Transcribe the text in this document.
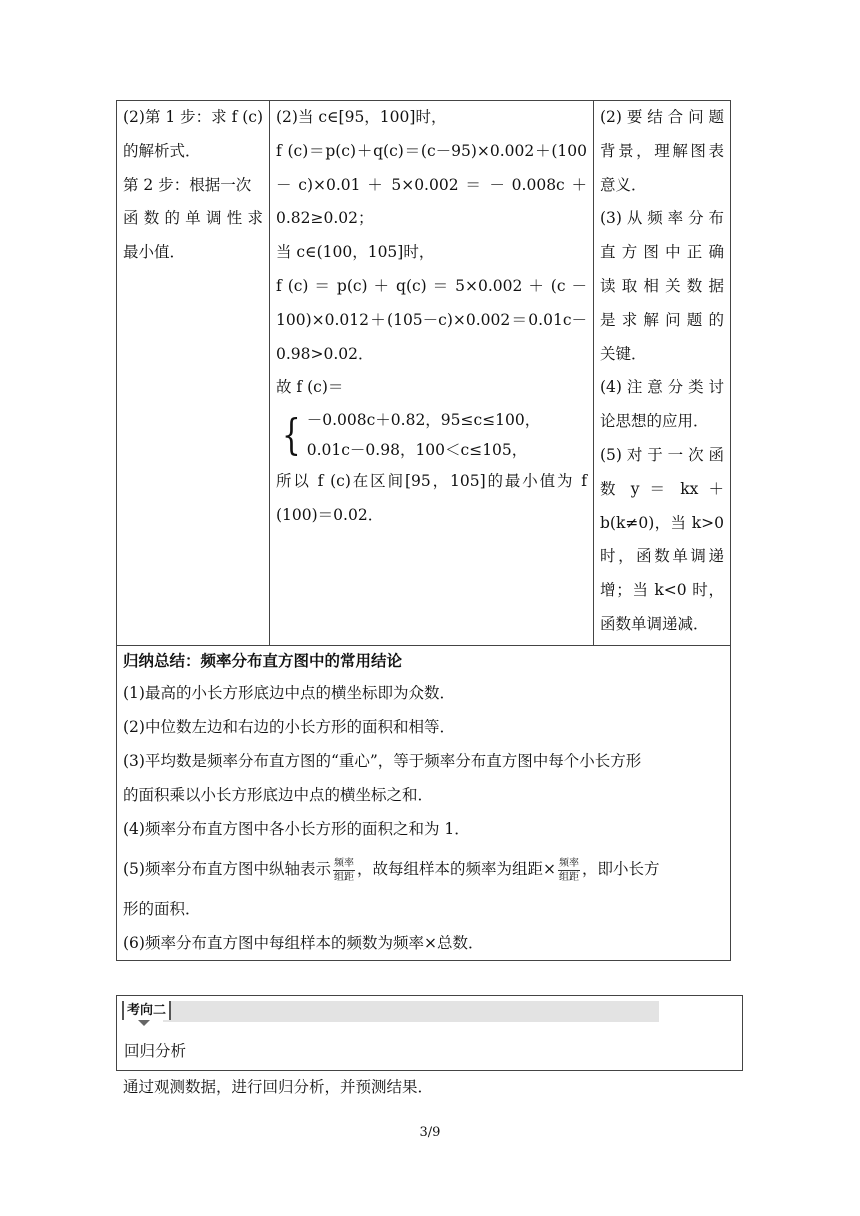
(2)第 1 步：求 f (c)
的解析式．
第 2 步：根据一次
函数的单调性求
最小值．

(2)当 c∈[95，100]时，
f (c)＝p(c)＋q(c)＝(c－95)×0.002＋(100
－ c)×0.01 ＋ 5×0.002 ＝ － 0.008c ＋
0.82≥0.02；
当 c∈(100，105]时，
f (c) ＝ p(c) ＋ q(c) ＝ 5×0.002 ＋ (c －
100)×0.012＋(105－c)×0.002＝0.01c－
0.98>0.02．
故 f (c)＝
{ －0.008c＋0.82，95≤c≤100，
0.01c－0.98，100＜c≤105，
所以 f (c)在区间[95，105]的最小值为 f
(100)＝0.02．

(2)要结合问题
背景，理解图表
意义．
(3)从频率分布
直方图中正确
读取相关数据
是求解问题的
关键．
(4)注意分类讨
论思想的应用．
(5)对于一次函
数 y ＝ kx ＋
b(k≠0)，当 k>0
时，函数单调递
增；当 k<0 时，
函数单调递减．

归纳总结：频率分布直方图中的常用结论
(1)最高的小长方形底边中点的横坐标即为众数．
(2)中位数左边和右边的小长方形的面积和相等．
(3)平均数是频率分布直方图的“重心”，等于频率分布直方图中每个小长方形
的面积乘以小长方形底边中点的横坐标之和．
(4)频率分布直方图中各小长方形的面积之和为 1．
(5)频率分布直方图中纵轴表示 $\frac{\text{频率}}{\text{组距}}$ ，故每组样本的频率为组距× $\frac{\text{频率}}{\text{组距}}$ ，即小长方
形的面积．
(6)频率分布直方图中每组样本的频数为频率×总数．
考向二
回归分析
通过观测数据，进行回归分析，并预测结果．
3/9
